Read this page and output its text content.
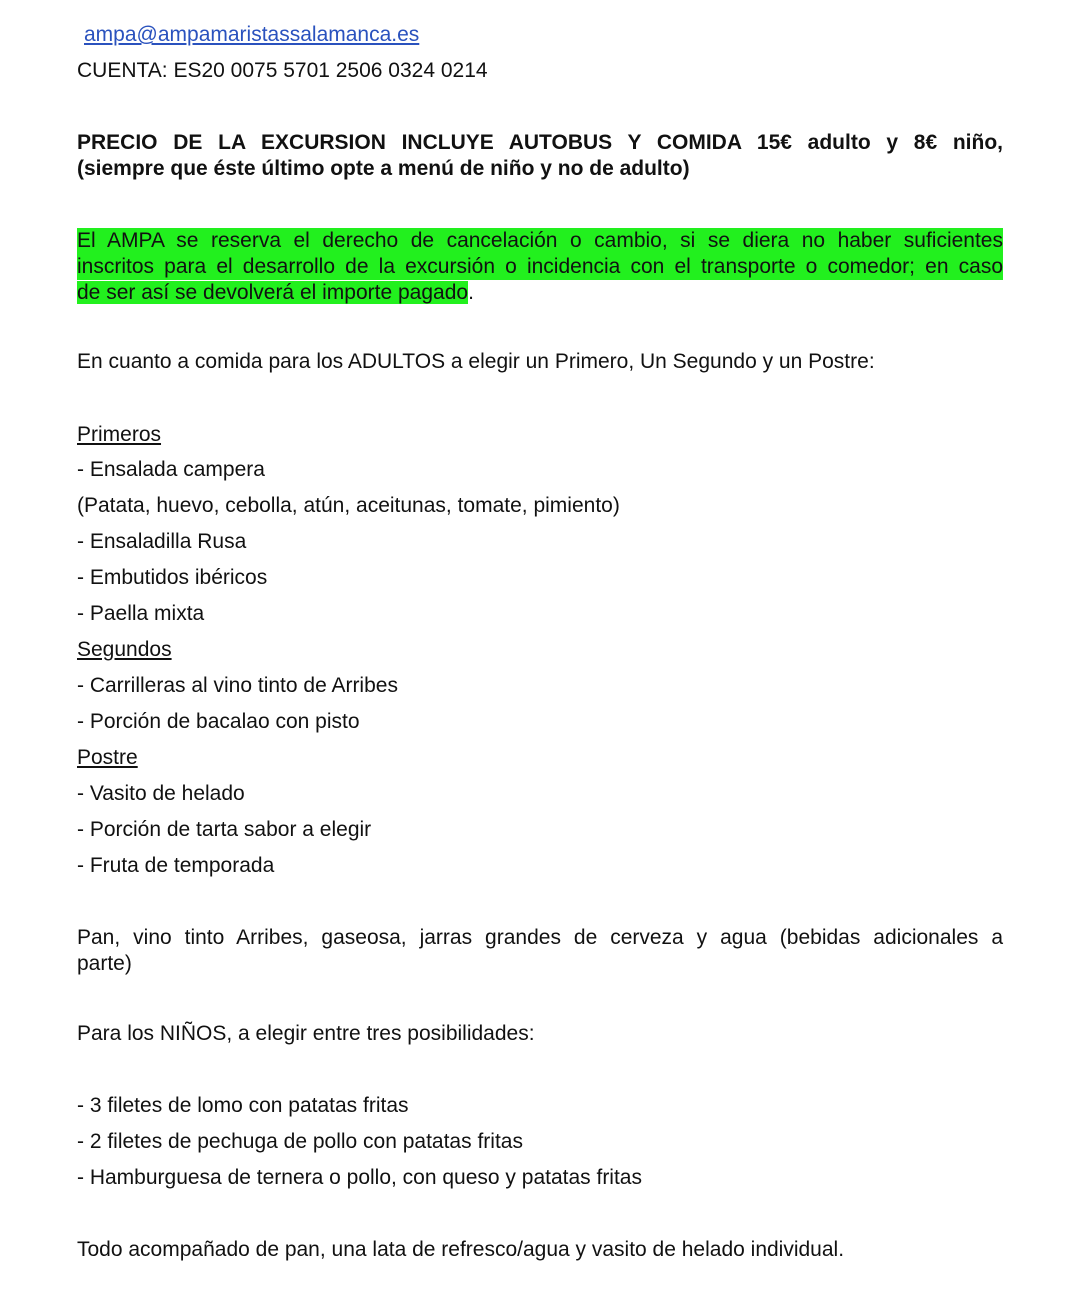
ampa@ampamaristassalamanca.es
CUENTA: ES20 0075 5701 2506 0324 0214
PRECIO DE LA EXCURSION INCLUYE AUTOBUS Y COMIDA 15€ adulto y 8€ niño,
(siempre que éste último opte a menú de niño y no de adulto)
El AMPA se reserva el derecho de cancelación o cambio, si se diera no haber suficientes
inscritos para el desarrollo de la excursión o incidencia con el transporte o comedor; en caso
de ser así se devolverá el importe pagado.
En cuanto a comida para los ADULTOS a elegir un Primero, Un Segundo y un Postre:
Primeros
- Ensalada campera
(Patata, huevo, cebolla, atún, aceitunas, tomate, pimiento)
- Ensaladilla Rusa
- Embutidos ibéricos
- Paella mixta
Segundos
- Carrilleras al vino tinto de Arribes
- Porción de bacalao con pisto
Postre
- Vasito de helado
- Porción de tarta sabor a elegir
- Fruta de temporada
Pan, vino tinto Arribes, gaseosa, jarras grandes de cerveza y agua (bebidas adicionales a
parte)
Para los NIÑOS, a elegir entre tres posibilidades:
- 3 filetes de lomo con patatas fritas
- 2 filetes de pechuga de pollo con patatas fritas
- Hamburguesa de ternera o pollo, con queso y patatas fritas
Todo acompañado de pan, una lata de refresco/agua y vasito de helado individual.
